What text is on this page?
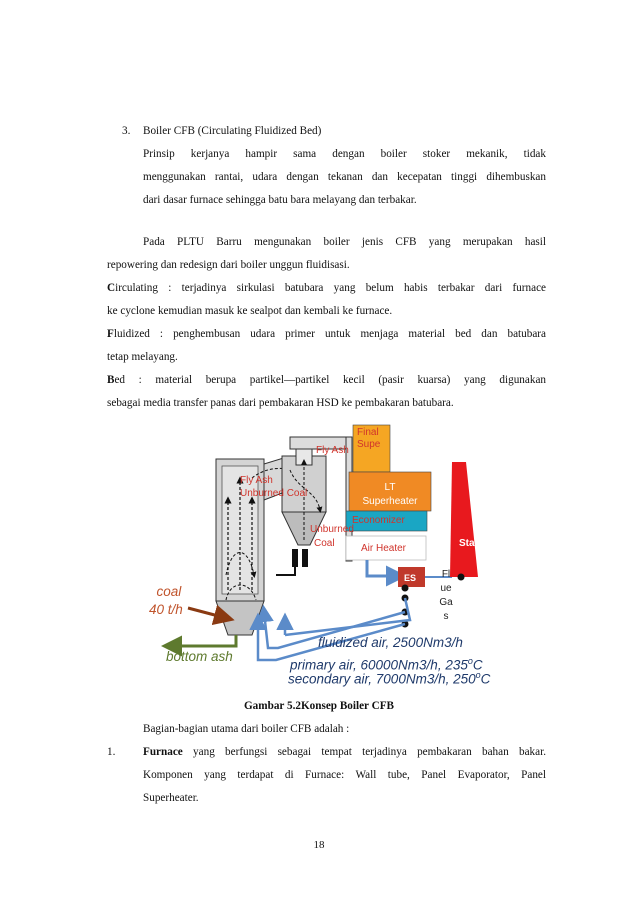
3. Boiler CFB (Circulating Fluidized Bed)
Prinsip kerjanya hampir sama dengan boiler stoker mekanik, tidak
menggunakan rantai, udara dengan tekanan dan kecepatan tinggi dihembuskan
dari dasar furnace sehingga batu bara melayang dan terbakar.
Pada PLTU Barru mengunakan boiler jenis CFB yang merupakan hasil
repowering dan redesign dari boiler unggun fluidisasi.
Circulating : terjadinya sirkulasi batubara yang belum habis terbakar dari furnace
ke cyclone kemudian masuk ke sealpot dan kembali ke furnace.
Fluidized : penghembusan udara primer untuk menjaga material bed dan batubara
tetap melayang.
Bed : material berupa partikel—partikel kecil (pasir kuarsa) yang digunakan
sebagai media transfer panas dari pembakaran HSD ke pembakaran batubara.
Fly Ash
Final
Supe
LT
Superheater
Economizer
Air Heater	Sta
Fly Ash
Unburned Coal
Unburned
Coal
ES	Fl
ue
Ga
s
coal
40 t/h
bottom ash
fluidized air, 2500Nm3/h
primary air, 60000Nm3/h, 235$^o$C
secondary air, 7000Nm3/h, 250$^o$C
Gambar 5.2Konsep Boiler CFB
Bagian-bagian utama dari boiler CFB adalah :
1. Furnace yang berfungsi sebagai tempat terjadinya pembakaran bahan bakar.
Komponen yang terdapat di Furnace: Wall tube, Panel Evaporator, Panel
Superheater.
18
